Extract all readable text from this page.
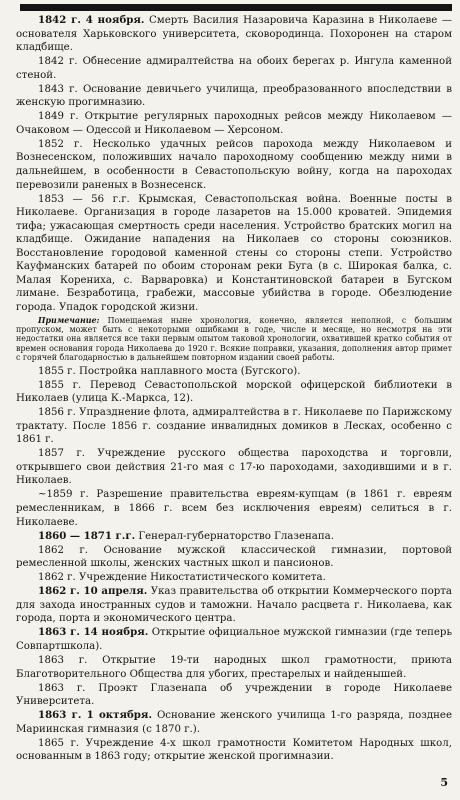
1842 г. 4 ноября. Смерть Василия Назаровича Каразина в Николаеве — основателя Харьковского университета, сковородинца. Похоронен на старом кладбище.

1842 г. Обнесение адмиралтейства на обоих берегах р. Ингула каменной стеной.

1843 г. Основание девичьего училища, преобразованного впоследствии в женскую прогимназию.

1849 г. Открытие регулярных пароходных рейсов между Николаевом — Очаковом — Одессой и Николаевом — Херсоном.

1852 г. Несколько удачных рейсов парохода между Николаевом и Вознесенском, положивших начало пароходному сообщению между ними в дальнейшем, в особенности в Севастопольскую войну, когда на пароходах перевозили раненых в Вознесенск.

1853 — 56 г.г. Крымская, Севастопольская война. Военные посты в Николаеве. Организация в городе лазаретов на 15.000 кроватей. Эпидемия тифа; ужасающая смертность среди населения. Устройство братских могил на кладбище. Ожидание нападения на Николаев со стороны союзников. Восстановление городовой каменной стены со стороны степи. Устройство Кауфманских батарей по обоим сторонам реки Буга (в с. Широкая балка, с. Малая Корениха, с. Варваровка) и Константиновской батареи в Бугском лимане. Безработица, грабежи, массовые убийства в городе. Обезлюдение города. Упадок городской жизни.

Примечание: Помещаемая ныне хронология, конечно, является неполной, с большим пропуском, может быть с некоторыми ошибками в годе, числе и месяце, но несмотря на эти недостатки она является все таки первым опытом таковой хронологии, охватившей кратко события от времен основания города Николаева до 1920 г. Всякие поправки, указания, дополнения автор примет с горячей благодарностью в дальнейшем повторном издании своей работы.

1855 г. Постройка наплавного моста (Бугского).

1855 г. Перевод Севастопольской морской офицерской библиотеки в Николаев (улица К.-Маркса, 12).

1856 г. Упразднение флота, адмиралтейства в г. Николаеве по Парижскому трактату. После 1856 г. создание инвалидных домиков в Лесках, особенно с 1861 г.

1857 г. Учреждение русского общества пароходства и торговли, открывшего свои действия 21-го мая с 17-ю пароходами, заходившими и в г. Николаев.

~1859 г. Разрешение правительства евреям-купцам (в 1861 г. евреям ремесленникам, в 1866 г. всем без исключения евреям) селиться в г. Николаеве.

1860 — 1871 г.г. Генерал-губернаторство Глазенапа.

1862 г. Основание мужской классической гимназии, портовой ремесленной школы, женских частных школ и пансионов.

1862 г. Учреждение Никостатистического комитета.

1862 г. 10 апреля. Указ правительства об открытии Коммерческого порта для захода иностранных судов и таможни. Начало расцвета г. Николаева, как города, порта и экономического центра.

1863 г. 14 ноября. Открытие официальное мужской гимназии (где теперь Совпартшкола).

1863 г. Открытие 19-ти народных школ грамотности, приюта Благотворительного Общества для убогих, престарелых и найденышей.

1863 г. Проэкт Глазенапа об учреждении в городе Николаеве Университета.

1863 г. 1 октября. Основание женского училища 1-го разряда, позднее Мариинская гимназия (с 1870 г.).

1865 г. Учреждение 4-х школ грамотности Комитетом Народных школ, основанным в 1863 году; открытие женской прогимназии.

5
